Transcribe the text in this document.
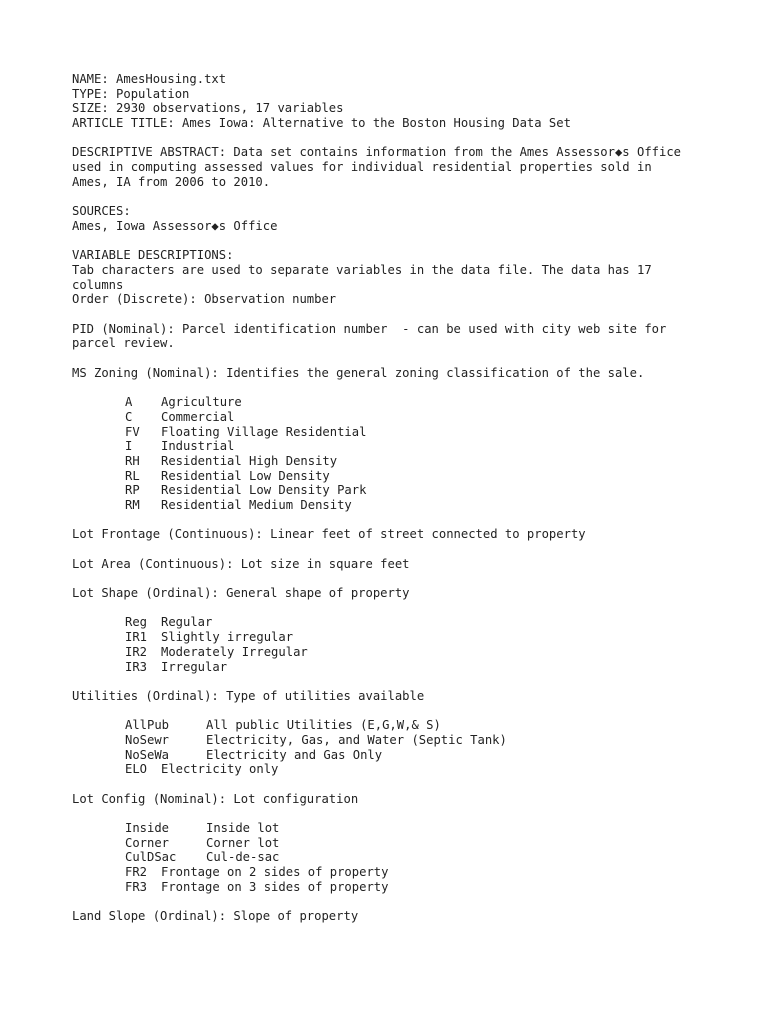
NAME: AmesHousing.txt
TYPE: Population
SIZE: 2930 observations, 17 variables
ARTICLE TITLE: Ames Iowa: Alternative to the Boston Housing Data Set
DESCRIPTIVE ABSTRACT: Data set contains information from the Ames Assessor◆s Office
used in computing assessed values for individual residential properties sold in
Ames, IA from 2006 to 2010.
SOURCES:
Ames, Iowa Assessor◆s Office
VARIABLE DESCRIPTIONS:
Tab characters are used to separate variables in the data file. The data has 17
columns
Order (Discrete): Observation number
PID (Nominal): Parcel identification number  - can be used with city web site for
parcel review.
MS Zoning (Nominal): Identifies the general zoning classification of the sale.
A Agriculture
C Commercial
FV Floating Village Residential
I Industrial
RH Residential High Density
RL Residential Low Density
RP Residential Low Density Park
RM Residential Medium Density
Lot Frontage (Continuous): Linear feet of street connected to property
Lot Area (Continuous): Lot size in square feet
Lot Shape (Ordinal): General shape of property
Reg Regular
IR1 Slightly irregular
IR2 Moderately Irregular
IR3 Irregular
Utilities (Ordinal): Type of utilities available
AllPub	All public Utilities (E,G,W,& S)
NoSewr	Electricity, Gas, and Water (Septic Tank)
NoSeWa	Electricity and Gas Only
ELO Electricity only
Lot Config (Nominal): Lot configuration
Inside	Inside lot
Corner	Corner lot
CulDSac Cul-de-sac
FR2 Frontage on 2 sides of property
FR3 Frontage on 3 sides of property
Land Slope (Ordinal): Slope of property
